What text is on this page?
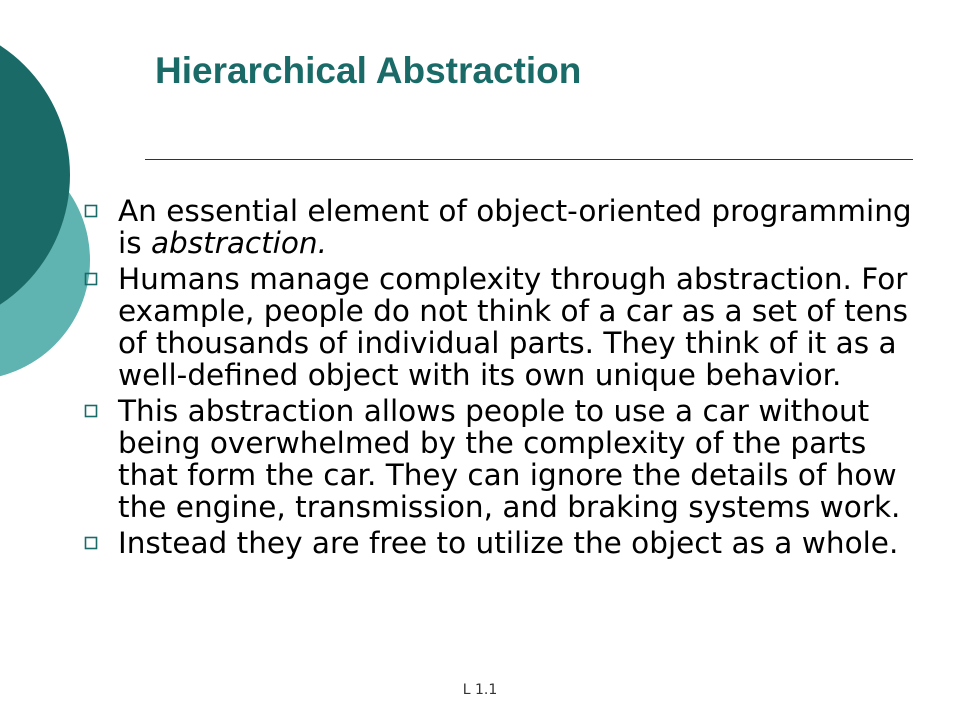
Hierarchical Abstraction
An essential element of object-oriented programming is abstraction.
Humans manage complexity through abstraction. For example, people do not think of a car as a set of tens of thousands of individual parts. They think of it as a well-defined object with its own unique behavior.
This abstraction allows people to use a car without being overwhelmed by the complexity of the parts that form the car. They can ignore the details of how the engine, transmission, and braking systems work.
Instead they are free to utilize the object as a whole.
L 1.1
